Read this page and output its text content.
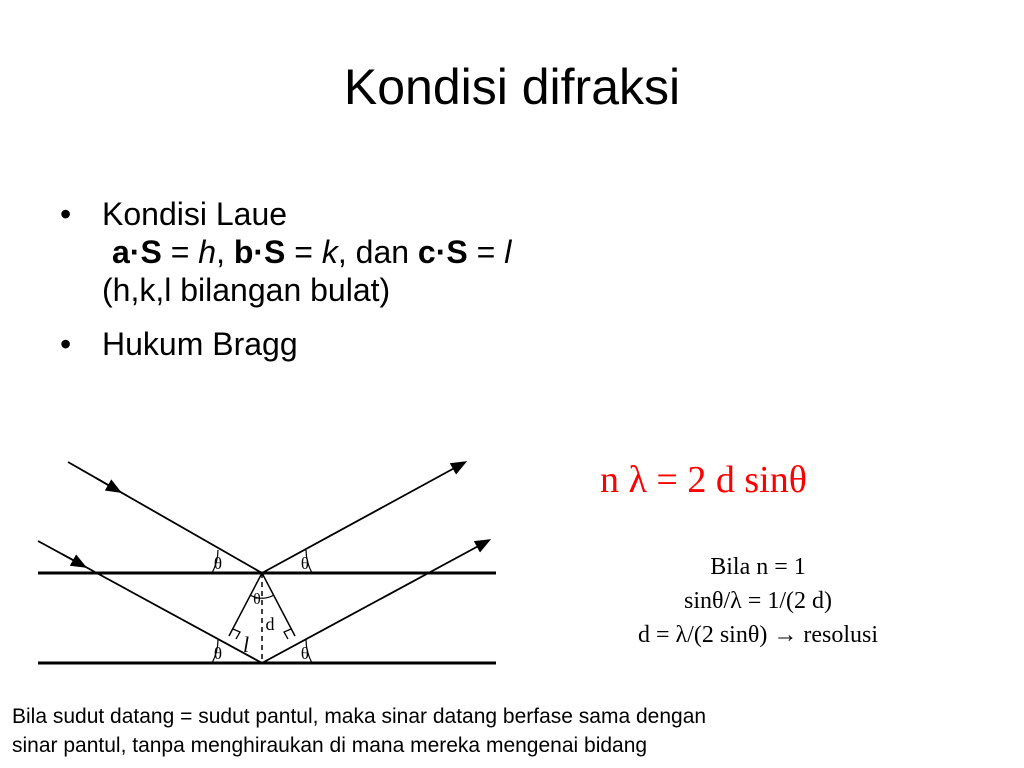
Kondisi difraksi
• Kondisi Laue
a·S = h, b·S = k, dan c·S = l
(h,k,l bilangan bulat)
• Hukum Bragg
n λ = 2 d sinθ
Bila n = 1
sinθ/λ = 1/(2 d)
d = λ/(2 sinθ) → resolusi
θ	θ
θ
θ	θ
d
l
Bila sudut datang = sudut pantul, maka sinar datang berfase sama dengan
sinar pantul, tanpa menghiraukan di mana mereka mengenai bidang
